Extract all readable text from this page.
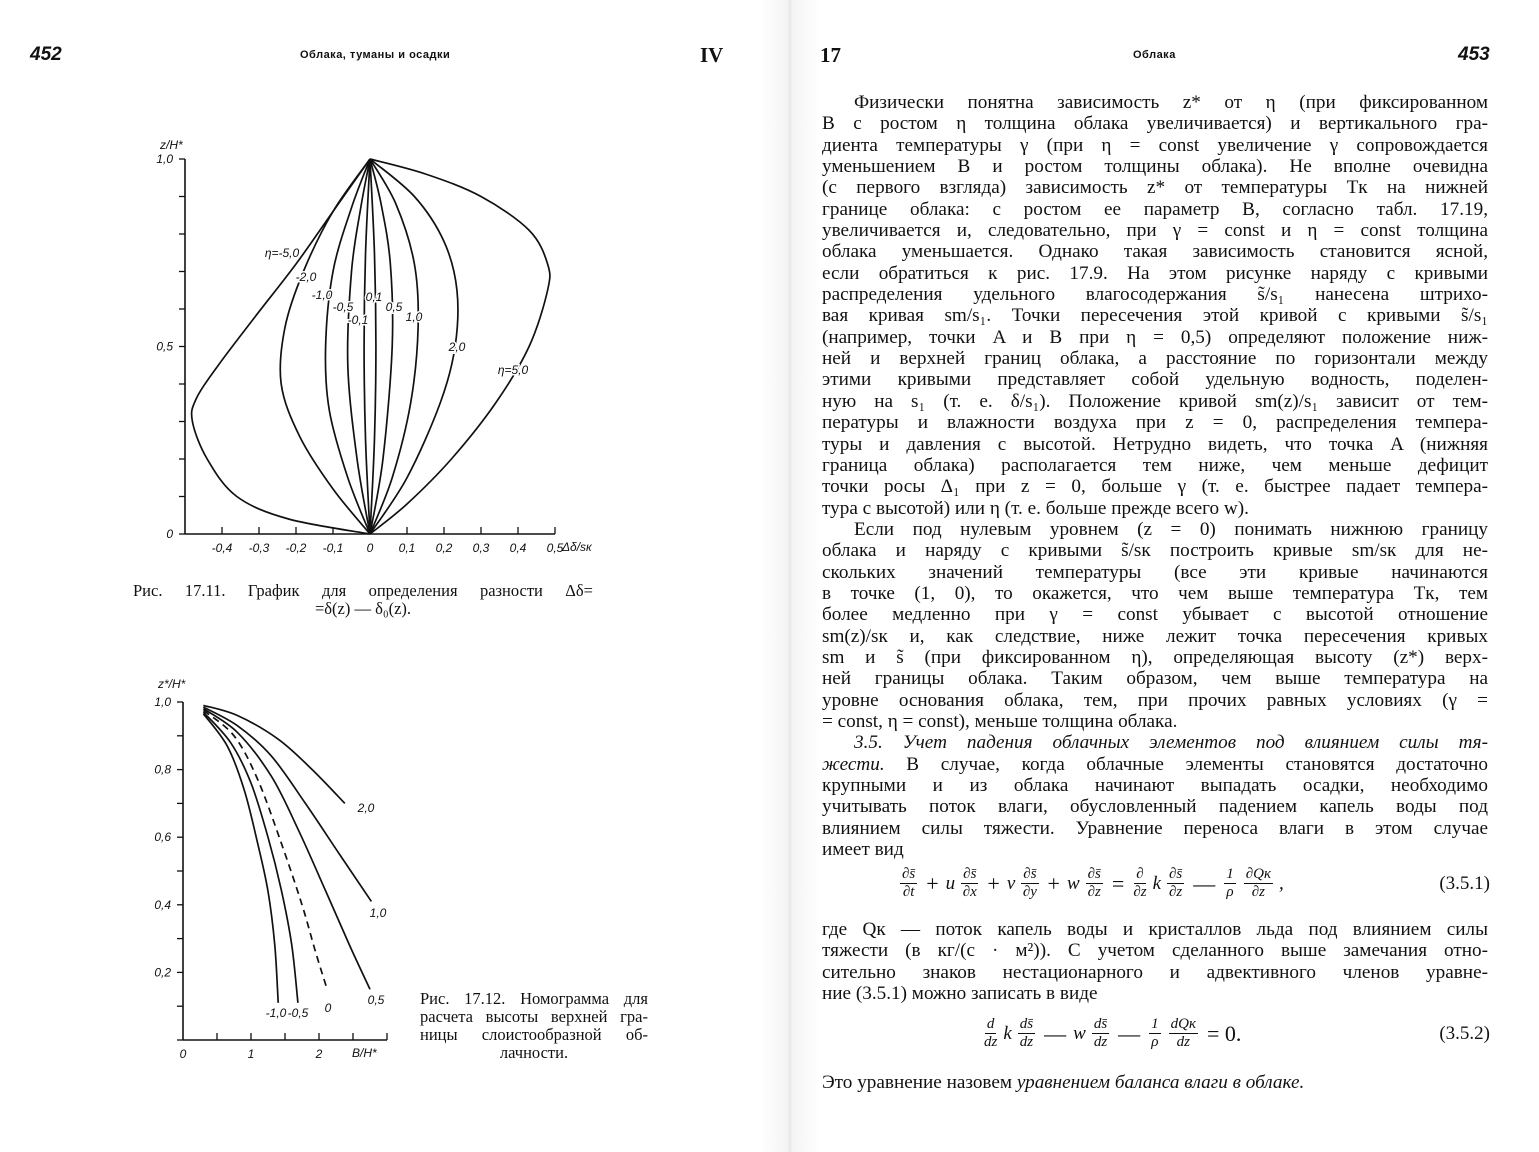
452	Облака, туманы и осадки	IV	17	Облака	453
0
0,5
1,0
-0,4 -0,3 -0,2 -0,1 0 0,1 0,2 0,3 0,4 0,5
Δδ/sк
z/H*
η=-5,0
-2,0
-1,0
-0,5
-0,1
0,1
0,5
1,0
2,0
η=5,0
0,2
0,4
0,6
0,8
1,0
0	1	2 B/H*
z*/H*
2,0
1,0
0,5
0
-0,5
-1,0
Рис. 17.11. График для определения разности Δδ=
=δ(z) — δ₀(z).
Рис. 17.12. Номограмма для
расчета высоты верхней гра-
ницы слоистообразной об-
лачности.
Физически понятна зависимость z* от η (при фиксированном
B с ростом η толщина облака увеличивается) и вертикального гра-
диента температуры γ (при η = const увеличение γ сопровождается
уменьшением B и ростом толщины облака). Не вполне очевидна
(с первого взгляда) зависимость z* от температуры Tк на нижней
границе облака: с ростом ее параметр B, согласно табл. 17.19,
увеличивается и, следовательно, при γ = const и η = const толщина
облака уменьшается. Однако такая зависимость становится ясной,
если обратиться к рис. 17.9. На этом рисунке наряду с кривыми
распределения удельного влагосодержания s̃/s₁ нанесена штрихо-
вая кривая sm/s₁. Точки пересечения этой кривой с кривыми s̃/s₁
(например, точки A и B при η = 0,5) определяют положение ниж-
ней и верхней границ облака, а расстояние по горизонтали между
этими кривыми представляет собой удельную водность, поделен-
ную на s₁ (т. е. δ/s₁). Положение кривой sm(z)/s₁ зависит от тем-
пературы и влажности воздуха при z = 0, распределения темпера-
туры и давления с высотой. Нетрудно видеть, что точка A (нижняя
граница облака) располагается тем ниже, чем меньше дефицит
точки росы Δ₁ при z = 0, больше γ (т. е. быстрее падает темпера-
тура с высотой) или η (т. е. больше прежде всего w).
Если под нулевым уровнем (z = 0) понимать нижнюю границу
облака и наряду с кривыми s̃/sк построить кривые sm/sк для не-
скольких значений температуры (все эти кривые начинаются
в точке (1, 0), то окажется, что чем выше температура Tк, тем
более медленно при γ = const убывает с высотой отношение
sm(z)/sк и, как следствие, ниже лежит точка пересечения кривых
sm и s̃ (при фиксированном η), определяющая высоту (z*) верх-
ней границы облака. Таким образом, чем выше температура на
уровне основания облака, тем, при прочих равных условиях (γ =
= const, η = const), меньше толщина облака.
3.5. Учет падения облачных элементов под влиянием силы тя-
жести. В случае, когда облачные элементы становятся достаточно
крупными и из облака начинают выпадать осадки, необходимо
учитывать поток влаги, обусловленный падением капель воды под
влиянием силы тяжести. Уравнение переноса влаги в этом случае
имеет вид
$\frac{\partial s̄}{\partial t} + u \frac{\partial s̄}{\partial x} + v \frac{\partial s̄}{\partial y} + w \frac{\partial s̄}{\partial z}$ = ∂
∂z k $\frac{\partial s̄}{\partial z}$ — $\frac{1}{\rho} \partial Qк$
∂z ,	(3.5.1)
где Qк — поток капель воды и кристаллов льда под влиянием силы
тяжести (в кг/(с · м²)). С учетом сделанного выше замечания отно-
сительно знаков нестационарного и адвективного членов уравне-
ние (3.5.1) можно записать в виде
$\frac{d}{dz}$ k $\frac{ds̄}{dz}$ — w $\frac{ds̄}{dz}$ — $\frac{1}{\rho}$ dQк
dz = 0.	(3.5.2)
Это уравнение назовем уравнением баланса влаги в облаке.
